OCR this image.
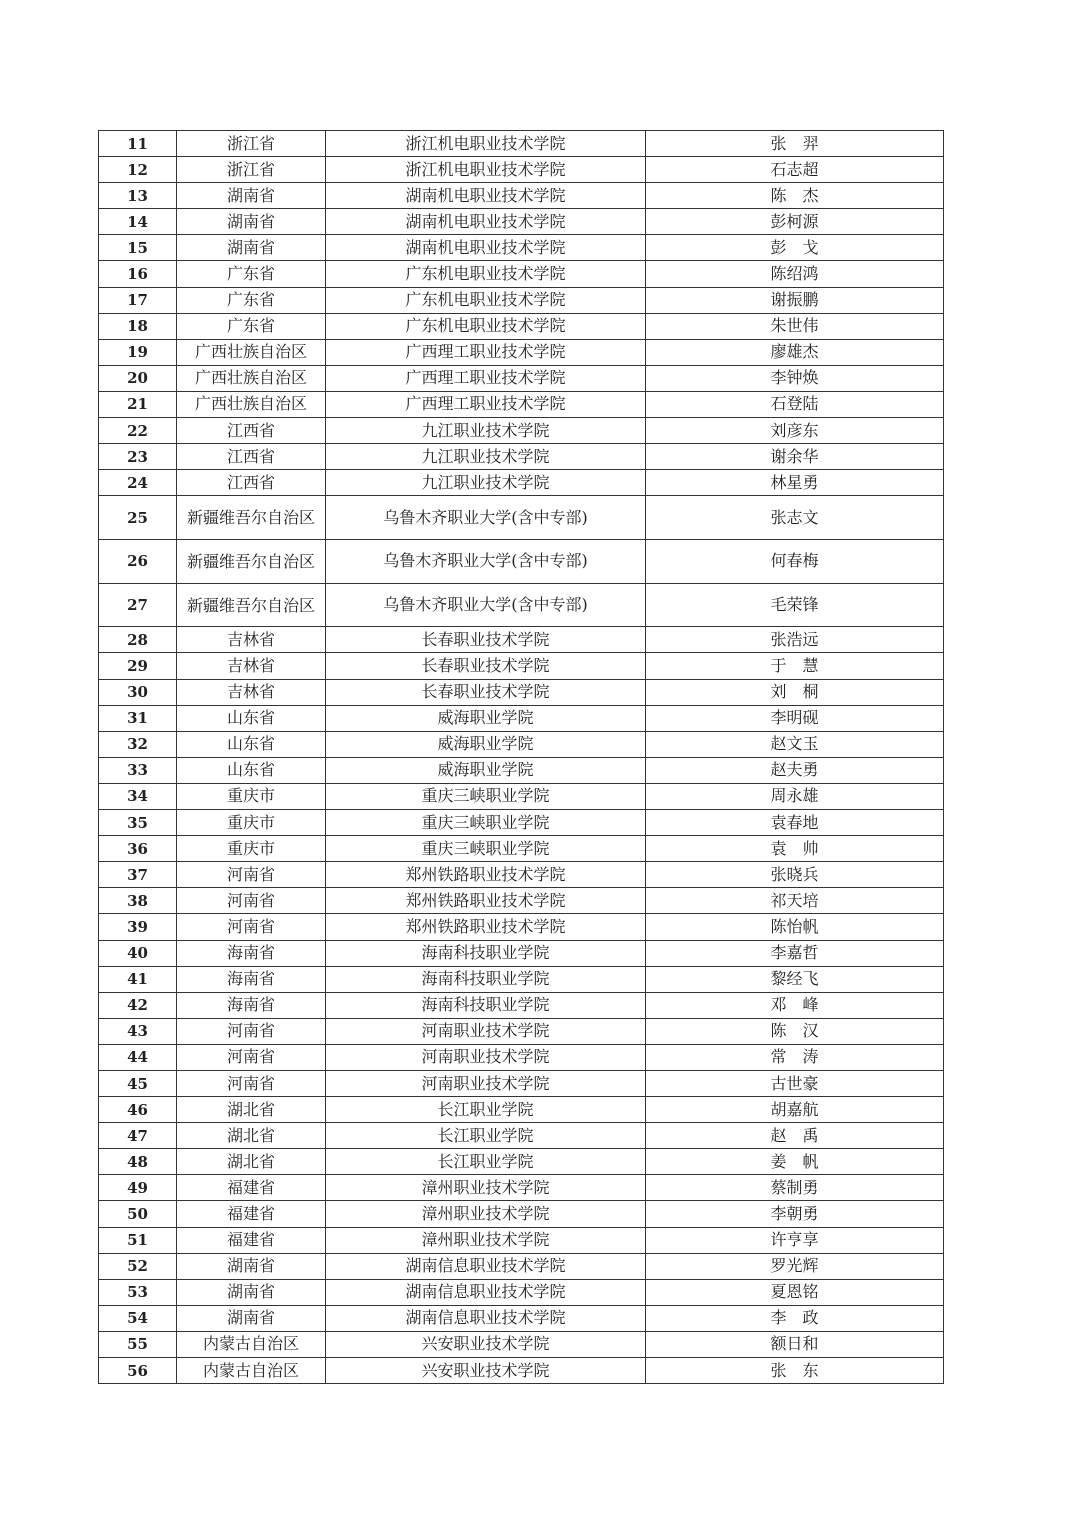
11	浙江省	浙江机电职业技术学院	张　羿
12	浙江省	浙江机电职业技术学院	石志超
13	湖南省	湖南机电职业技术学院	陈　杰
14	湖南省	湖南机电职业技术学院	彭柯源
15	湖南省	湖南机电职业技术学院	彭　戈
16	广东省	广东机电职业技术学院	陈绍鸿
17	广东省	广东机电职业技术学院	谢振鹏
18	广东省	广东机电职业技术学院	朱世伟
19	广西壮族自治区	广西理工职业技术学院	廖雄杰
20	广西壮族自治区	广西理工职业技术学院	李钟焕
21	广西壮族自治区	广西理工职业技术学院	石登陆
22	江西省	九江职业技术学院	刘彦东
23	江西省	九江职业技术学院	谢余华
24	江西省	九江职业技术学院	林星勇
25	新疆维吾尔自治区	乌鲁木齐职业大学(含中专部)	张志文
26	新疆维吾尔自治区	乌鲁木齐职业大学(含中专部)	何春梅
27	新疆维吾尔自治区	乌鲁木齐职业大学(含中专部)	毛荣锋
28	吉林省	长春职业技术学院	张浩远
29	吉林省	长春职业技术学院	于　慧
30	吉林省	长春职业技术学院	刘　桐
31	山东省	威海职业学院	李明砚
32	山东省	威海职业学院	赵文玉
33	山东省	威海职业学院	赵夫勇
34	重庆市	重庆三峡职业学院	周永雄
35	重庆市	重庆三峡职业学院	袁春地
36	重庆市	重庆三峡职业学院	袁　帅
37	河南省	郑州铁路职业技术学院	张晓兵
38	河南省	郑州铁路职业技术学院	祁天培
39	河南省	郑州铁路职业技术学院	陈怡帆
40	海南省	海南科技职业学院	李嘉哲
41	海南省	海南科技职业学院	黎经飞
42	海南省	海南科技职业学院	邓　峰
43	河南省	河南职业技术学院	陈　汉
44	河南省	河南职业技术学院	常　涛
45	河南省	河南职业技术学院	古世豪
46	湖北省	长江职业学院	胡嘉航
47	湖北省	长江职业学院	赵　禹
48	湖北省	长江职业学院	姜　帆
49	福建省	漳州职业技术学院	蔡制勇
50	福建省	漳州职业技术学院	李朝勇
51	福建省	漳州职业技术学院	许亨享
52	湖南省	湖南信息职业技术学院	罗光辉
53	湖南省	湖南信息职业技术学院	夏恩铭
54	湖南省	湖南信息职业技术学院	李　政
55	内蒙古自治区	兴安职业技术学院	额日和
56	内蒙古自治区	兴安职业技术学院	张　东
